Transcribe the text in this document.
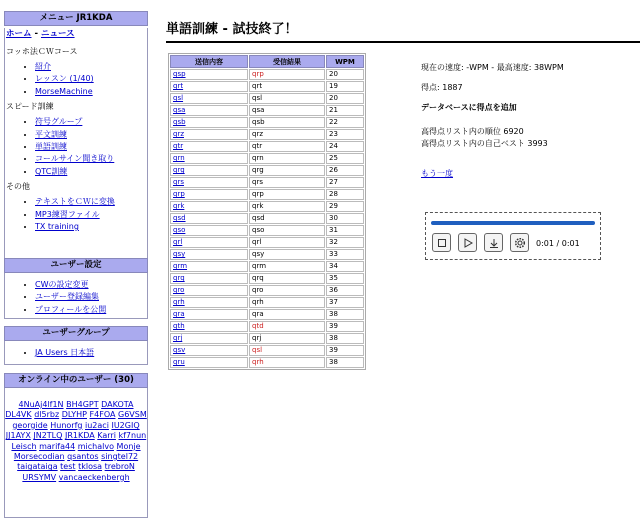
メニュー JR1KDA
ホーム - ニュース
コッホ法ＣＷコース
• 紹介
• レッスン (1/40)
• MorseMachine
スピード訓練
• 符号グループ
• 平文訓練
• 単語訓練
• コールサイン聞き取り
• QTC訓練
その他
• テキストをＣＷに変換
• MP3練習ファイル
• TX training
ユーザー設定
• CWの設定変更
• ユーザー登録編集
• プロフィールを公開
ユーザーグループ
• JA Users 日本語
オンライン中のユーザー (30)
4NuAj4lf1N BH4GPT DAKOTA DL4VK dl5rbz DLYHP F4FOA G6VSM georgide Hunorfg iu2aci IU2GIQ JJ1AYX JN2TLQ JR1KDA Karri kf7nun Leisch marifa44 michalvo Monje Morsecodian qsantos singtel72 taigataiga test tklosa trebroN URSYMV vancaeckenbergh
単語訓練 - 試技終了！
送信内容	受信結果	WPM
qsp	qrp	20
qrt	qrt	19
qsl	qsl	20
qsa	qsa	21
qsb	qsb	22
qrz	qrz	23
qtr	qtr	24
qrn	qrn	25
qrg	qrg	26
qrs	qrs	27
qrp	qrp	28
qrk	qrk	29
qsd	qsd	30
qso	qso	31
qrl	qrl	32
qsy	qsy	33
qrm	qrm	34
qrq	qrq	35
qro	qro	36
qrh	qrh	37
qra	qra	38
qth	qtd	39
qrj	qrj	38
qsv	qsl	39
qru	qrh	38
現在の速度: -WPM - 最高速度: 38WPM
得点: 1887
データベースに得点を追加
高得点リスト内の順位 6920
高得点リスト内の自己ベスト 3993
もう一度
0:01 / 0:01
